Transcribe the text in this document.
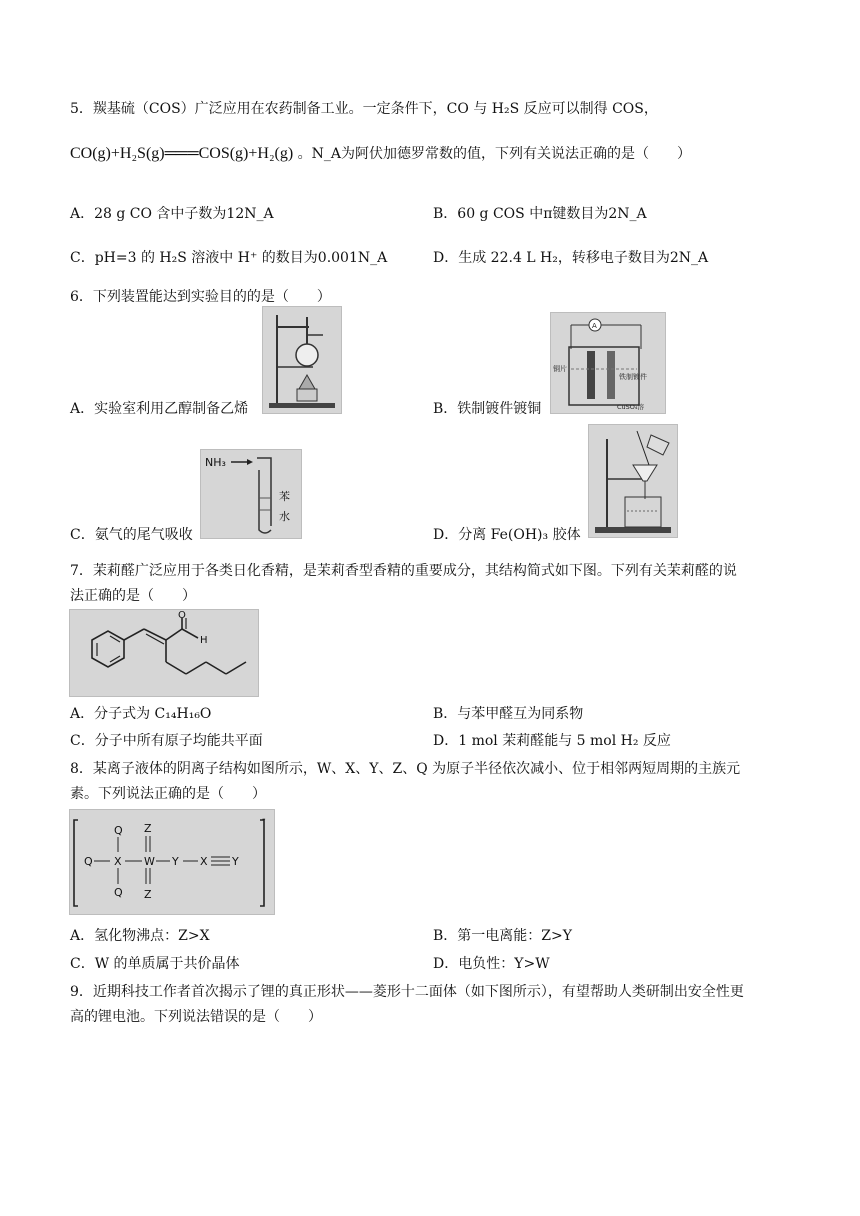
5．羰基硫（COS）广泛应用在农药制备工业。一定条件下，CO 与 H₂S 反应可以制得 COS，
CO(g)+H₂S(g)═══COS(g)+H₂(g) 。N_A为阿伏加德罗常数的值，下列有关说法正确的是（　　）
A．28 g CO 含中子数为12N_A	B．60 g COS 中π键数目为2N_A
C．pH=3 的 H₂S 溶液中 H⁺ 的数目为0.001N_A	D．生成 22.4 L H₂，转移电子数目为2N_A
6．下列装置能达到实验目的的是（　　）
A．实验室利用乙醇制备乙烯	B．铁制镀件镀铜
A
铜片
铁制镀件
CuSO₄溶
C．氨气的尾气吸收
NH₃
苯
水
D．分离 Fe(OH)₃ 胶体
7．茉莉醛广泛应用于各类日化香精，是茉莉香型香精的重要成分，其结构简式如下图。下列有关茉莉醛的说
法正确的是（　　）
O
H
A．分子式为 C₁₄H₁₆O	B．与苯甲醛互为同系物
C．分子中所有原子均能共平面	D．1 mol 茉莉醛能与 5 mol H₂ 反应
8．某离子液体的阴离子结构如图所示，W、X、Y、Z、Q 为原子半径依次减小、位于相邻两短周期的主族元
素。下列说法正确的是（　　）
-
Q
Q X
Q
W
Z
Z
Y X Y
A．氢化物沸点：Z>X	B．第一电离能：Z>Y
C．W 的单质属于共价晶体	D．电负性：Y>W
9．近期科技工作者首次揭示了锂的真正形状——菱形十二面体（如下图所示），有望帮助人类研制出安全性更
高的锂电池。下列说法错误的是（　　）
